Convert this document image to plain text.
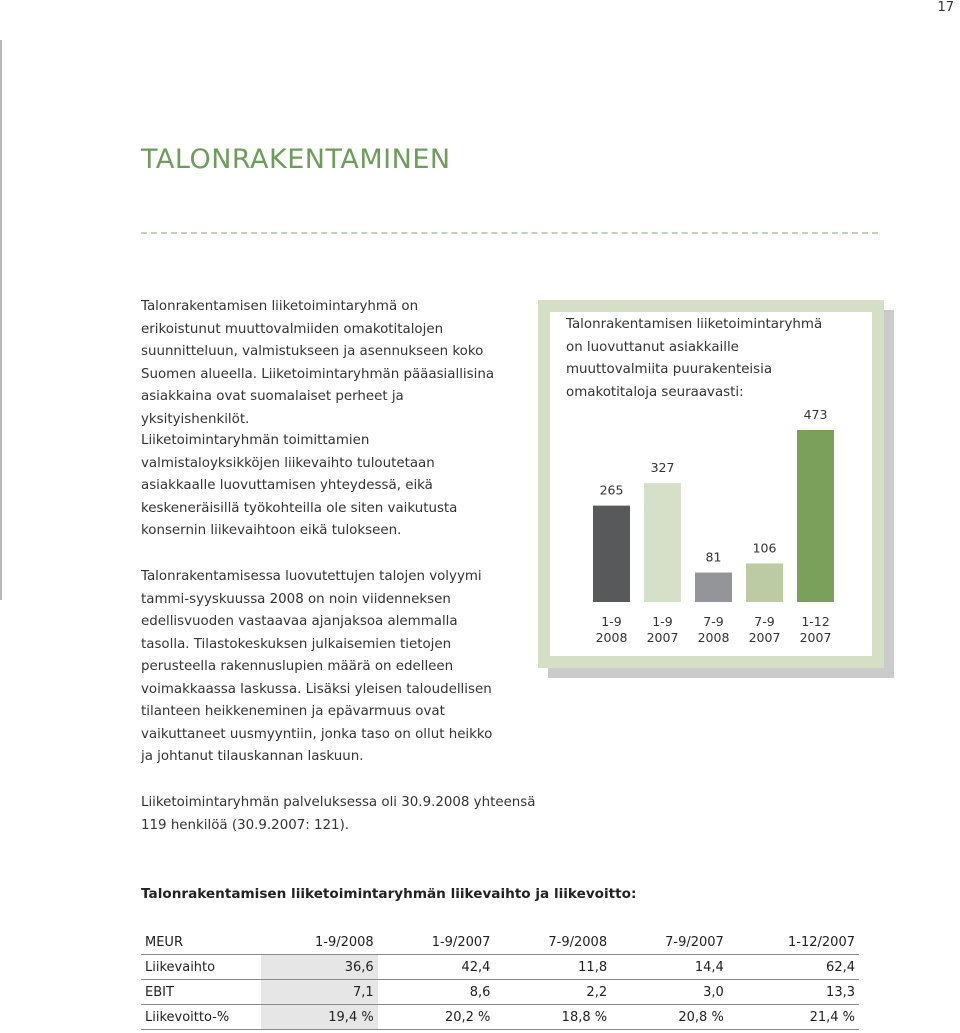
17
TALONRAKENTAMINEN
Talonrakentamisen liiketoimintaryhmä on erikoistunut muuttovalmiiden omakotitalojen suunnitteluun, valmistukseen ja asennukseen koko Suomen alueella. Liiketoimintaryhmän pääasiallisina asiakkaina ovat suomalaiset perheet ja yksityishenkilöt.
Liiketoimintaryhmän toimittamien valmistaloyksikköjen liikevaihto tuloutetaan asiakkaalle luovuttamisen yhteydessä, eikä keskeneräisillä työkohteilla ole siten vaikutusta konsernin liikevaihtoon eikä tulokseen.
Talonrakentamisessa luovutettujen talojen volyymi tammi-syyskuussa 2008 on noin viidenneksen edellisvuoden vastaavaa ajanjaksoa alemmalla tasolla. Tilastokeskuksen julkaisemien tietojen perusteella rakennuslupien määrä on edelleen voimakkaassa laskussa. Lisäksi yleisen taloudellisen tilanteen heikkeneminen ja epävarmuus ovat vaikuttaneet uusmyyntiin, jonka taso on ollut heikko ja johtanut tilauskannan laskuun.
Liiketoimintaryhmän palveluksessa oli 30.9.2008 yhteensä 119 henkilöä (30.9.2007: 121).
Talonrakentamisen liiketoimintaryhmä on luovuttanut asiakkaille muuttovalmiita puurakenteisia omakotitaloja seuraavasti:
265
1-9
2008
327
1-9
2007
81
7-9
2008
106
7-9
2007
473
1-12
2007
Talonrakentamisen liiketoimintaryhmän liikevaihto ja liikevoitto:
MEUR	1-9/2008	1-9/2007	7-9/2008	7-9/2007	1-12/2007
Liikevaihto	36,6	42,4	11,8	14,4	62,4
EBIT	7,1	8,6	2,2	3,0	13,3
Liikevoitto-%	19,4 %	20,2 %	18,8 %	20,8 %	21,4 %
